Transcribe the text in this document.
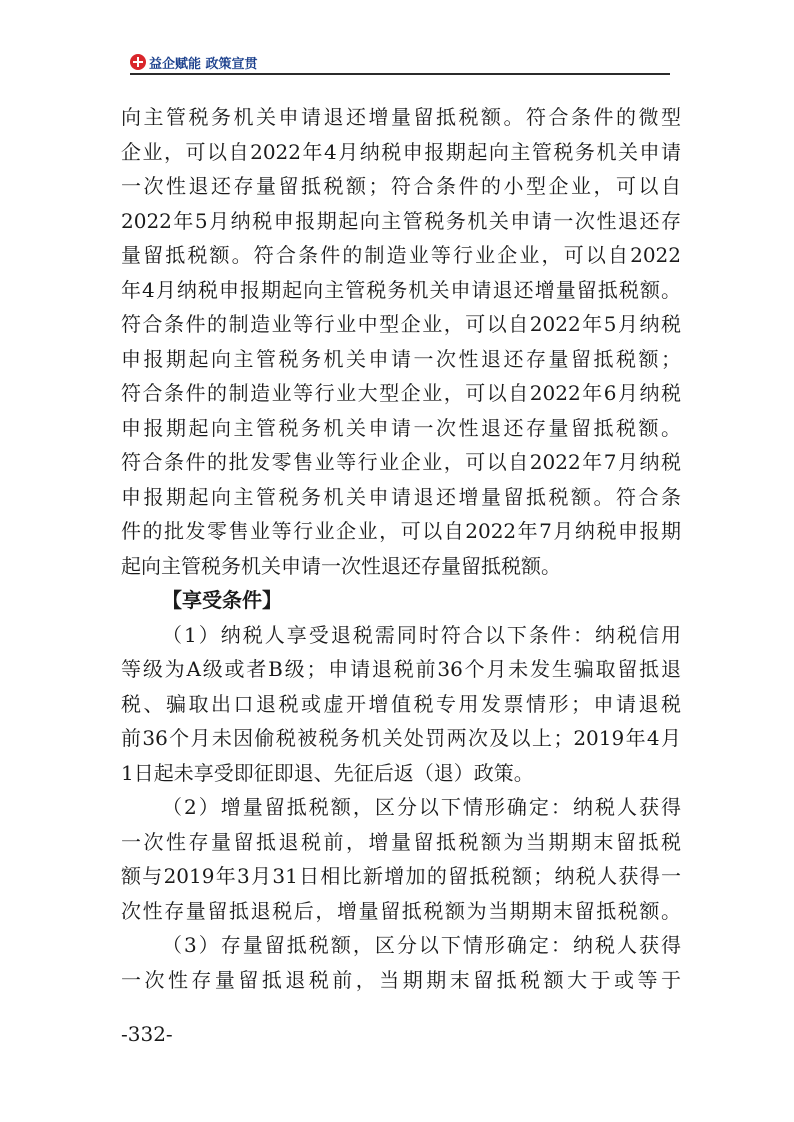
益企赋能 政策宣贯
向主管税务机关申请退还增量留抵税额。符合条件的微型
企业，可以自2022年4月纳税申报期起向主管税务机关申请
一次性退还存量留抵税额；符合条件的小型企业，可以自
2022年5月纳税申报期起向主管税务机关申请一次性退还存
量留抵税额。符合条件的制造业等行业企业，可以自2022
年4月纳税申报期起向主管税务机关申请退还增量留抵税额。
符合条件的制造业等行业中型企业，可以自2022年5月纳税
申报期起向主管税务机关申请一次性退还存量留抵税额；
符合条件的制造业等行业大型企业，可以自2022年6月纳税
申报期起向主管税务机关申请一次性退还存量留抵税额。
符合条件的批发零售业等行业企业，可以自2022年7月纳税
申报期起向主管税务机关申请退还增量留抵税额。符合条
件的批发零售业等行业企业，可以自2022年7月纳税申报期
起向主管税务机关申请一次性退还存量留抵税额。
【享受条件】
（1）纳税人享受退税需同时符合以下条件：纳税信用
等级为A级或者B级；申请退税前36个月未发生骗取留抵退
税、骗取出口退税或虚开增值税专用发票情形；申请退税
前36个月未因偷税被税务机关处罚两次及以上；2019年4月
1日起未享受即征即退、先征后返（退）政策。
（2）增量留抵税额，区分以下情形确定：纳税人获得
一次性存量留抵退税前，增量留抵税额为当期期末留抵税
额与2019年3月31日相比新增加的留抵税额；纳税人获得一
次性存量留抵退税后，增量留抵税额为当期期末留抵税额。
（3）存量留抵税额，区分以下情形确定：纳税人获得
一次性存量留抵退税前，当期期末留抵税额大于或等于
-332-
